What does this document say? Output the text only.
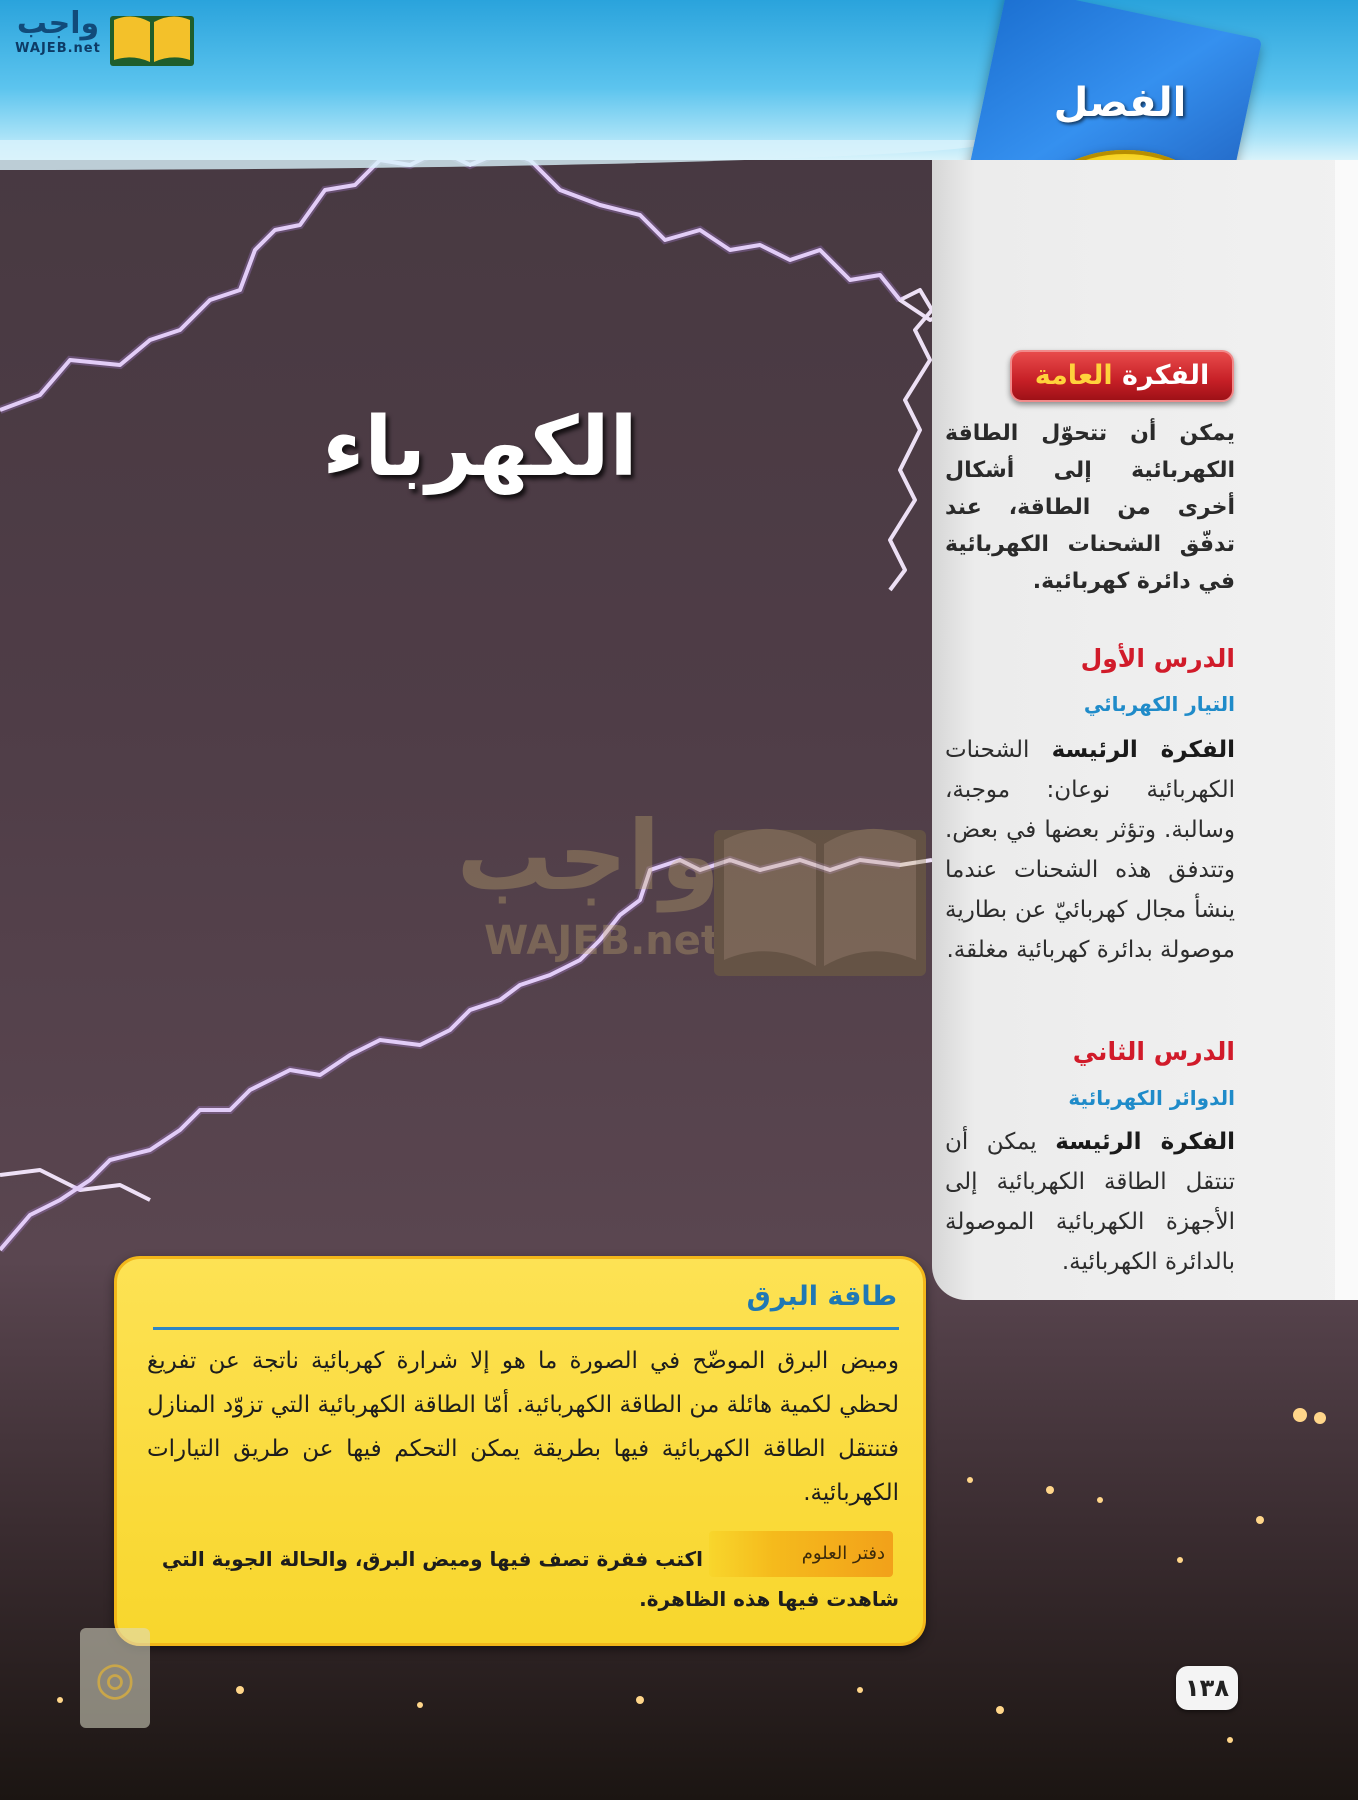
واجب
WAJEB.net
الفصل
الكهرباء
واجب
WAJEB.net
الفكرة العامة
يمكن أن تتحوّل الطاقة الكهربائية إلى أشكال أخرى من الطاقة، عند تدفّق الشحنات الكهربائية في دائرة كهربائية.
الدرس الأول
التيار الكهربائي
الفكرة الرئيسة الشحنات الكهربائية نوعان: موجبة، وسالبة. وتؤثر بعضها في بعض. وتتدفق هذه الشحنات عندما ينشأ مجال كهربائيّ عن بطارية موصولة بدائرة كهربائية مغلقة.
الدرس الثاني
الدوائر الكهربائية
الفكرة الرئيسة يمكن أن تنتقل الطاقة الكهربائية إلى الأجهزة الكهربائية الموصولة بالدائرة الكهربائية.
طاقة البرق
وميض البرق الموضّح في الصورة ما هو إلا شرارة كهربائية ناتجة عن تفريغ لحظي لكمية هائلة من الطاقة الكهربائية. أمّا الطاقة الكهربائية التي تزوّد المنازل فتنتقل الطاقة الكهربائية فيها بطريقة يمكن التحكم فيها عن طريق التيارات الكهربائية.
دفتر العلوم
اكتب فقرة تصف فيها وميض البرق، والحالة الجوية التي
شاهدت فيها هذه الظاهرة.
◎	١٣٨
